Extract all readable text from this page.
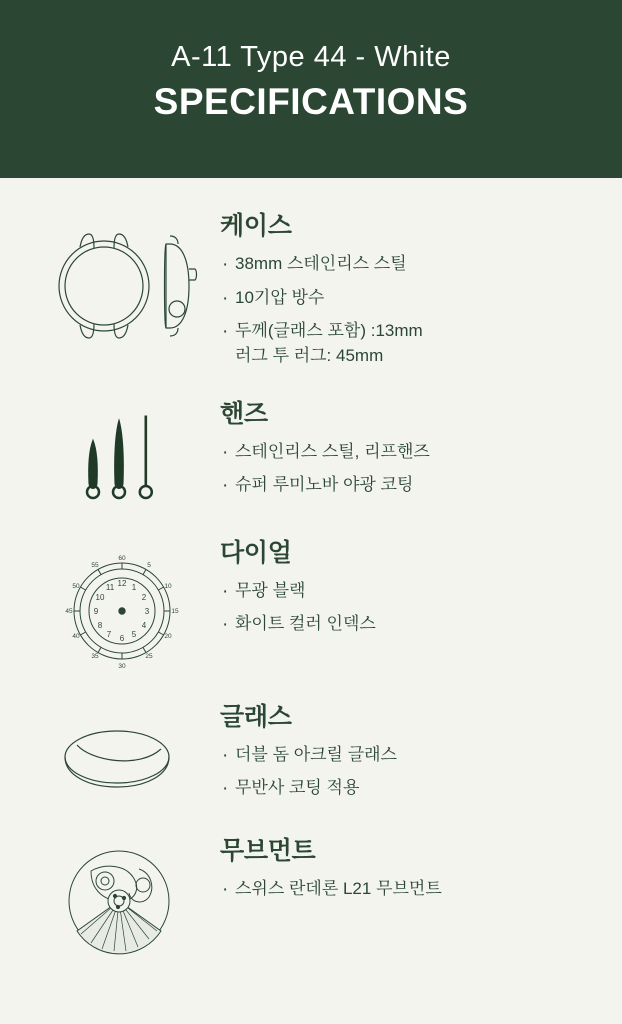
A-11 Type 44 - White
SPECIFICATIONS
케이스
· 38mm 스테인리스 스틸
· 10기압 방수
· 두께(글래스 포함) :13mm
러그 투 러그: 45mm
핸즈
· 스테인리스 스틸, 리프핸즈
· 슈퍼 루미노바 야광 코팅
12 1
2
3
4
5
6
7
8
9
10
11
60
5
10
15
20
25
30
35
40
45
50
55	다이얼
· 무광 블랙
· 화이트 컬러 인덱스
글래스
· 더블 돔 아크릴 글래스
· 무반사 코팅 적용
무브먼트
· 스위스 란데론 L21 무브먼트
